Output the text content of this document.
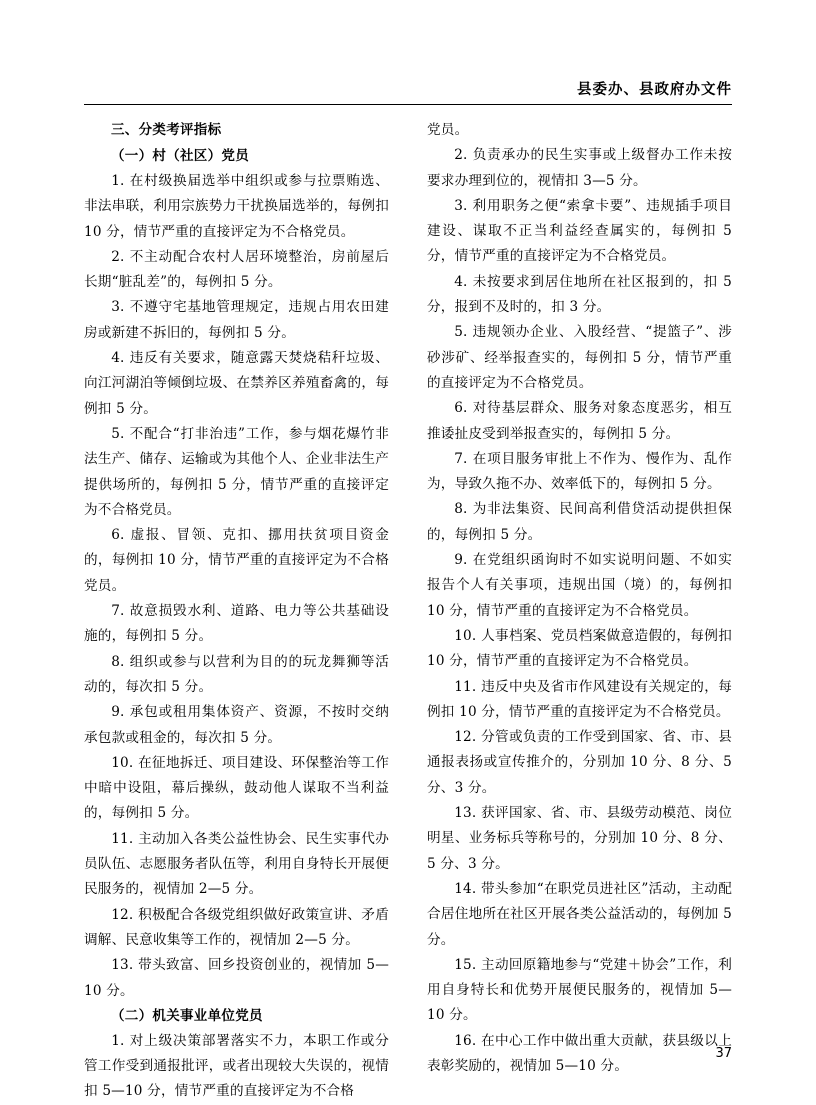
县委办、县政府办文件

三、分类考评指标

（一）村（社区）党员

1. 在村级换届选举中组织或参与拉票贿选、非法串联，利用宗族势力干扰换届选举的，每例扣 10 分，情节严重的直接评定为不合格党员。

2. 不主动配合农村人居环境整治，房前屋后长期“脏乱差”的，每例扣 5 分。

3. 不遵守宅基地管理规定，违规占用农田建房或新建不拆旧的，每例扣 5 分。

4. 违反有关要求，随意露天焚烧秸秆垃圾、向江河湖泊等倾倒垃圾、在禁养区养殖畜禽的，每例扣 5 分。

5. 不配合“打非治违”工作，参与烟花爆竹非法生产、储存、运输或为其他个人、企业非法生产提供场所的，每例扣 5 分，情节严重的直接评定为不合格党员。

6. 虚报、冒领、克扣、挪用扶贫项目资金的，每例扣 10 分，情节严重的直接评定为不合格党员。

7. 故意损毁水利、道路、电力等公共基础设施的，每例扣 5 分。

8. 组织或参与以营利为目的的玩龙舞狮等活动的，每次扣 5 分。

9. 承包或租用集体资产、资源，不按时交纳承包款或租金的，每次扣 5 分。

10. 在征地拆迁、项目建设、环保整治等工作中暗中设阻，幕后操纵，鼓动他人谋取不当利益的，每例扣 5 分。

11. 主动加入各类公益性协会、民生实事代办员队伍、志愿服务者队伍等，利用自身特长开展便民服务的，视情加 2—5 分。

12. 积极配合各级党组织做好政策宣讲、矛盾调解、民意收集等工作的，视情加 2—5 分。

13. 带头致富、回乡投资创业的，视情加 5—10 分。

（二）机关事业单位党员

1. 对上级决策部署落实不力，本职工作或分管工作受到通报批评，或者出现较大失误的，视情扣 5—10 分，情节严重的直接评定为不合格

党员。

2. 负责承办的民生实事或上级督办工作未按要求办理到位的，视情扣 3—5 分。

3. 利用职务之便“索拿卡要”、违规插手项目建设、谋取不正当利益经查属实的，每例扣 5 分，情节严重的直接评定为不合格党员。

4. 未按要求到居住地所在社区报到的，扣 5 分，报到不及时的，扣 3 分。

5. 违规领办企业、入股经营、“提篮子”、涉砂涉矿、经举报查实的，每例扣 5 分，情节严重的直接评定为不合格党员。

6. 对待基层群众、服务对象态度恶劣，相互推诿扯皮受到举报查实的，每例扣 5 分。

7. 在项目服务审批上不作为、慢作为、乱作为，导致久拖不办、效率低下的，每例扣 5 分。

8. 为非法集资、民间高利借贷活动提供担保的，每例扣 5 分。

9. 在党组织函询时不如实说明问题、不如实报告个人有关事项，违规出国（境）的，每例扣 10 分，情节严重的直接评定为不合格党员。

10. 人事档案、党员档案做意造假的，每例扣 10 分，情节严重的直接评定为不合格党员。

11. 违反中央及省市作风建设有关规定的，每例扣 10 分，情节严重的直接评定为不合格党员。

12. 分管或负责的工作受到国家、省、市、县通报表扬或宣传推介的，分别加 10 分、8 分、5 分、3 分。

13. 获评国家、省、市、县级劳动模范、岗位明星、业务标兵等称号的，分别加 10 分、8 分、5 分、3 分。

14. 带头参加“在职党员进社区”活动，主动配合居住地所在社区开展各类公益活动的，每例加 5 分。

15. 主动回原籍地参与“党建＋协会”工作，利用自身特长和优势开展便民服务的，视情加 5—10 分。

16. 在中心工作中做出重大贡献，获县级以上表彰奖励的，视情加 5—10 分。

37
